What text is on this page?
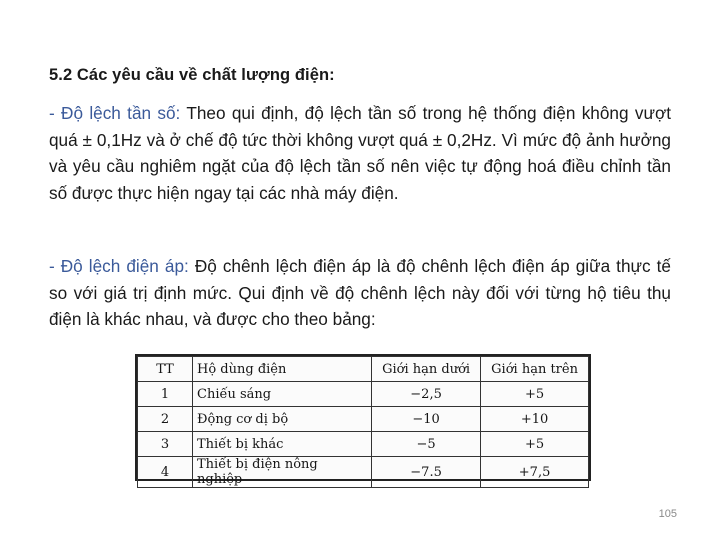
5.2 Các yêu cầu về chất lượng điện:
- Độ lệch tần số: Theo qui định, độ lệch tần số trong hệ thống điện không vượt quá ± 0,1Hz và ở chế độ tức thời không vượt quá ± 0,2Hz. Vì mức độ ảnh hưởng và yêu cầu nghiêm ngặt của độ lệch tần số nên việc tự động hoá điều chỉnh tần số được thực hiện ngay tại các nhà máy điện.
- Độ lệch điện áp: Độ chênh lệch điện áp là độ chênh lệch điện áp giữa thực tế so với giá trị định mức. Qui định về độ chênh lệch này đối với từng hộ tiêu thụ điện là khác nhau, và được cho theo bảng:
TT	Hộ dùng điện	Giới hạn dưới	Giới hạn trên
1	Chiếu sáng	−2,5	+5
2	Động cơ dị bộ	−10	+10
3	Thiết bị khác	−5	+5
4	Thiết bị điện nông nghiệp	−7.5	+7,5
105
